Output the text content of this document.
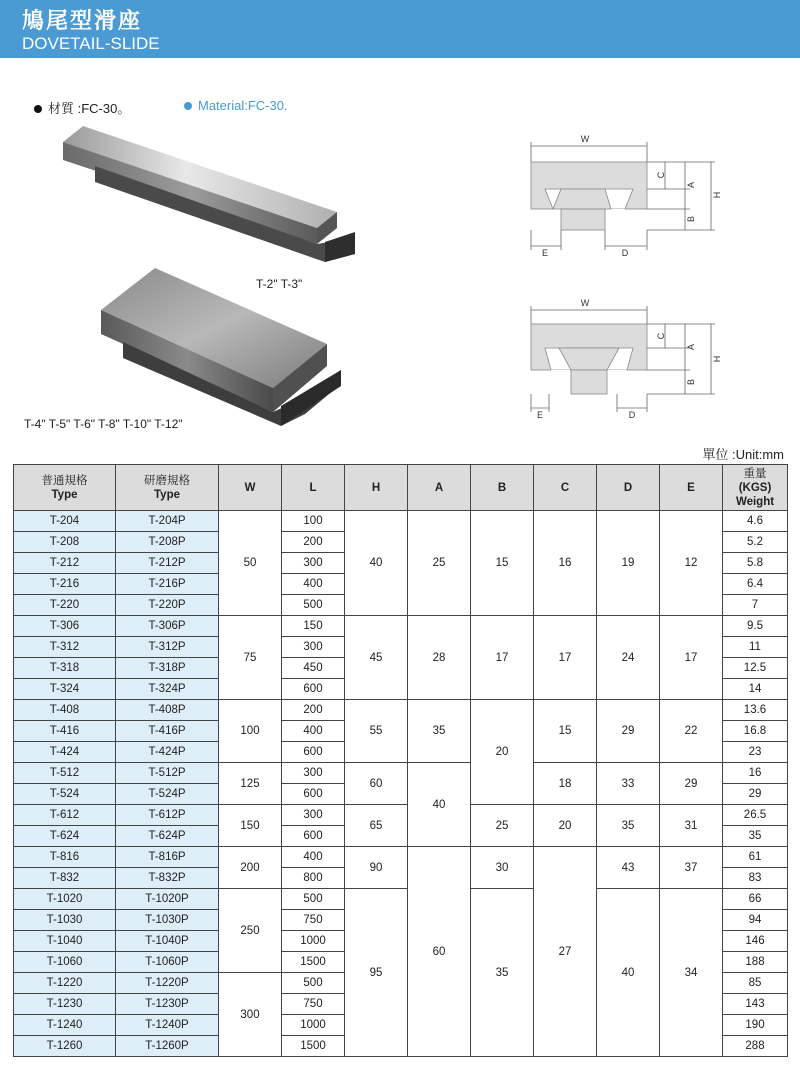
鳩尾型滑座
DOVETAIL-SLIDE
材質 :FC-30。	Material:FC-30.
T-2" T-3"
T-4" T-5" T-6" T-8" T-10" T-12"
W
C
A
H
B
E	D
W
C
A
H
B
E	D
單位 :Unit:mm
普通規格
Type	研磨規格
Type	W	L	H	A	B	C	D	E	重量
(KGS)
Weight
T-204	T-204P	50	100	40	25	15	16	19	12	4.6
T-208	T-208P		200							5.2
T-212	T-212P		300							5.8
T-216	T-216P		400							6.4
T-220	T-220P		500							7
T-306	T-306P	75	150	45	28	17	17	24	17	9.5
T-312	T-312P		300							11
T-318	T-318P		450							12.5
T-324	T-324P		600							14
T-408	T-408P	100	200	55	35	20	15	29	22	13.6
T-416	T-416P		400							16.8
T-424	T-424P		600							23
T-512	T-512P	125	300	60	40		18	33	29	16
T-524	T-524P		600							29
T-612	T-612P	150	300	65		25	20	35	31	26.5
T-624	T-624P		600							35
T-816	T-816P	200	400	90	60	30	27	43	37	61
T-832	T-832P		800							83
T-1020	T-1020P	250	500	95		35		40	34	66
T-1030	T-1030P		750							94
T-1040	T-1040P		1000							146
T-1060	T-1060P		1500							188
T-1220	T-1220P	300	500							85
T-1230	T-1230P		750							143
T-1240	T-1240P		1000							190
T-1260	T-1260P		1500							288
